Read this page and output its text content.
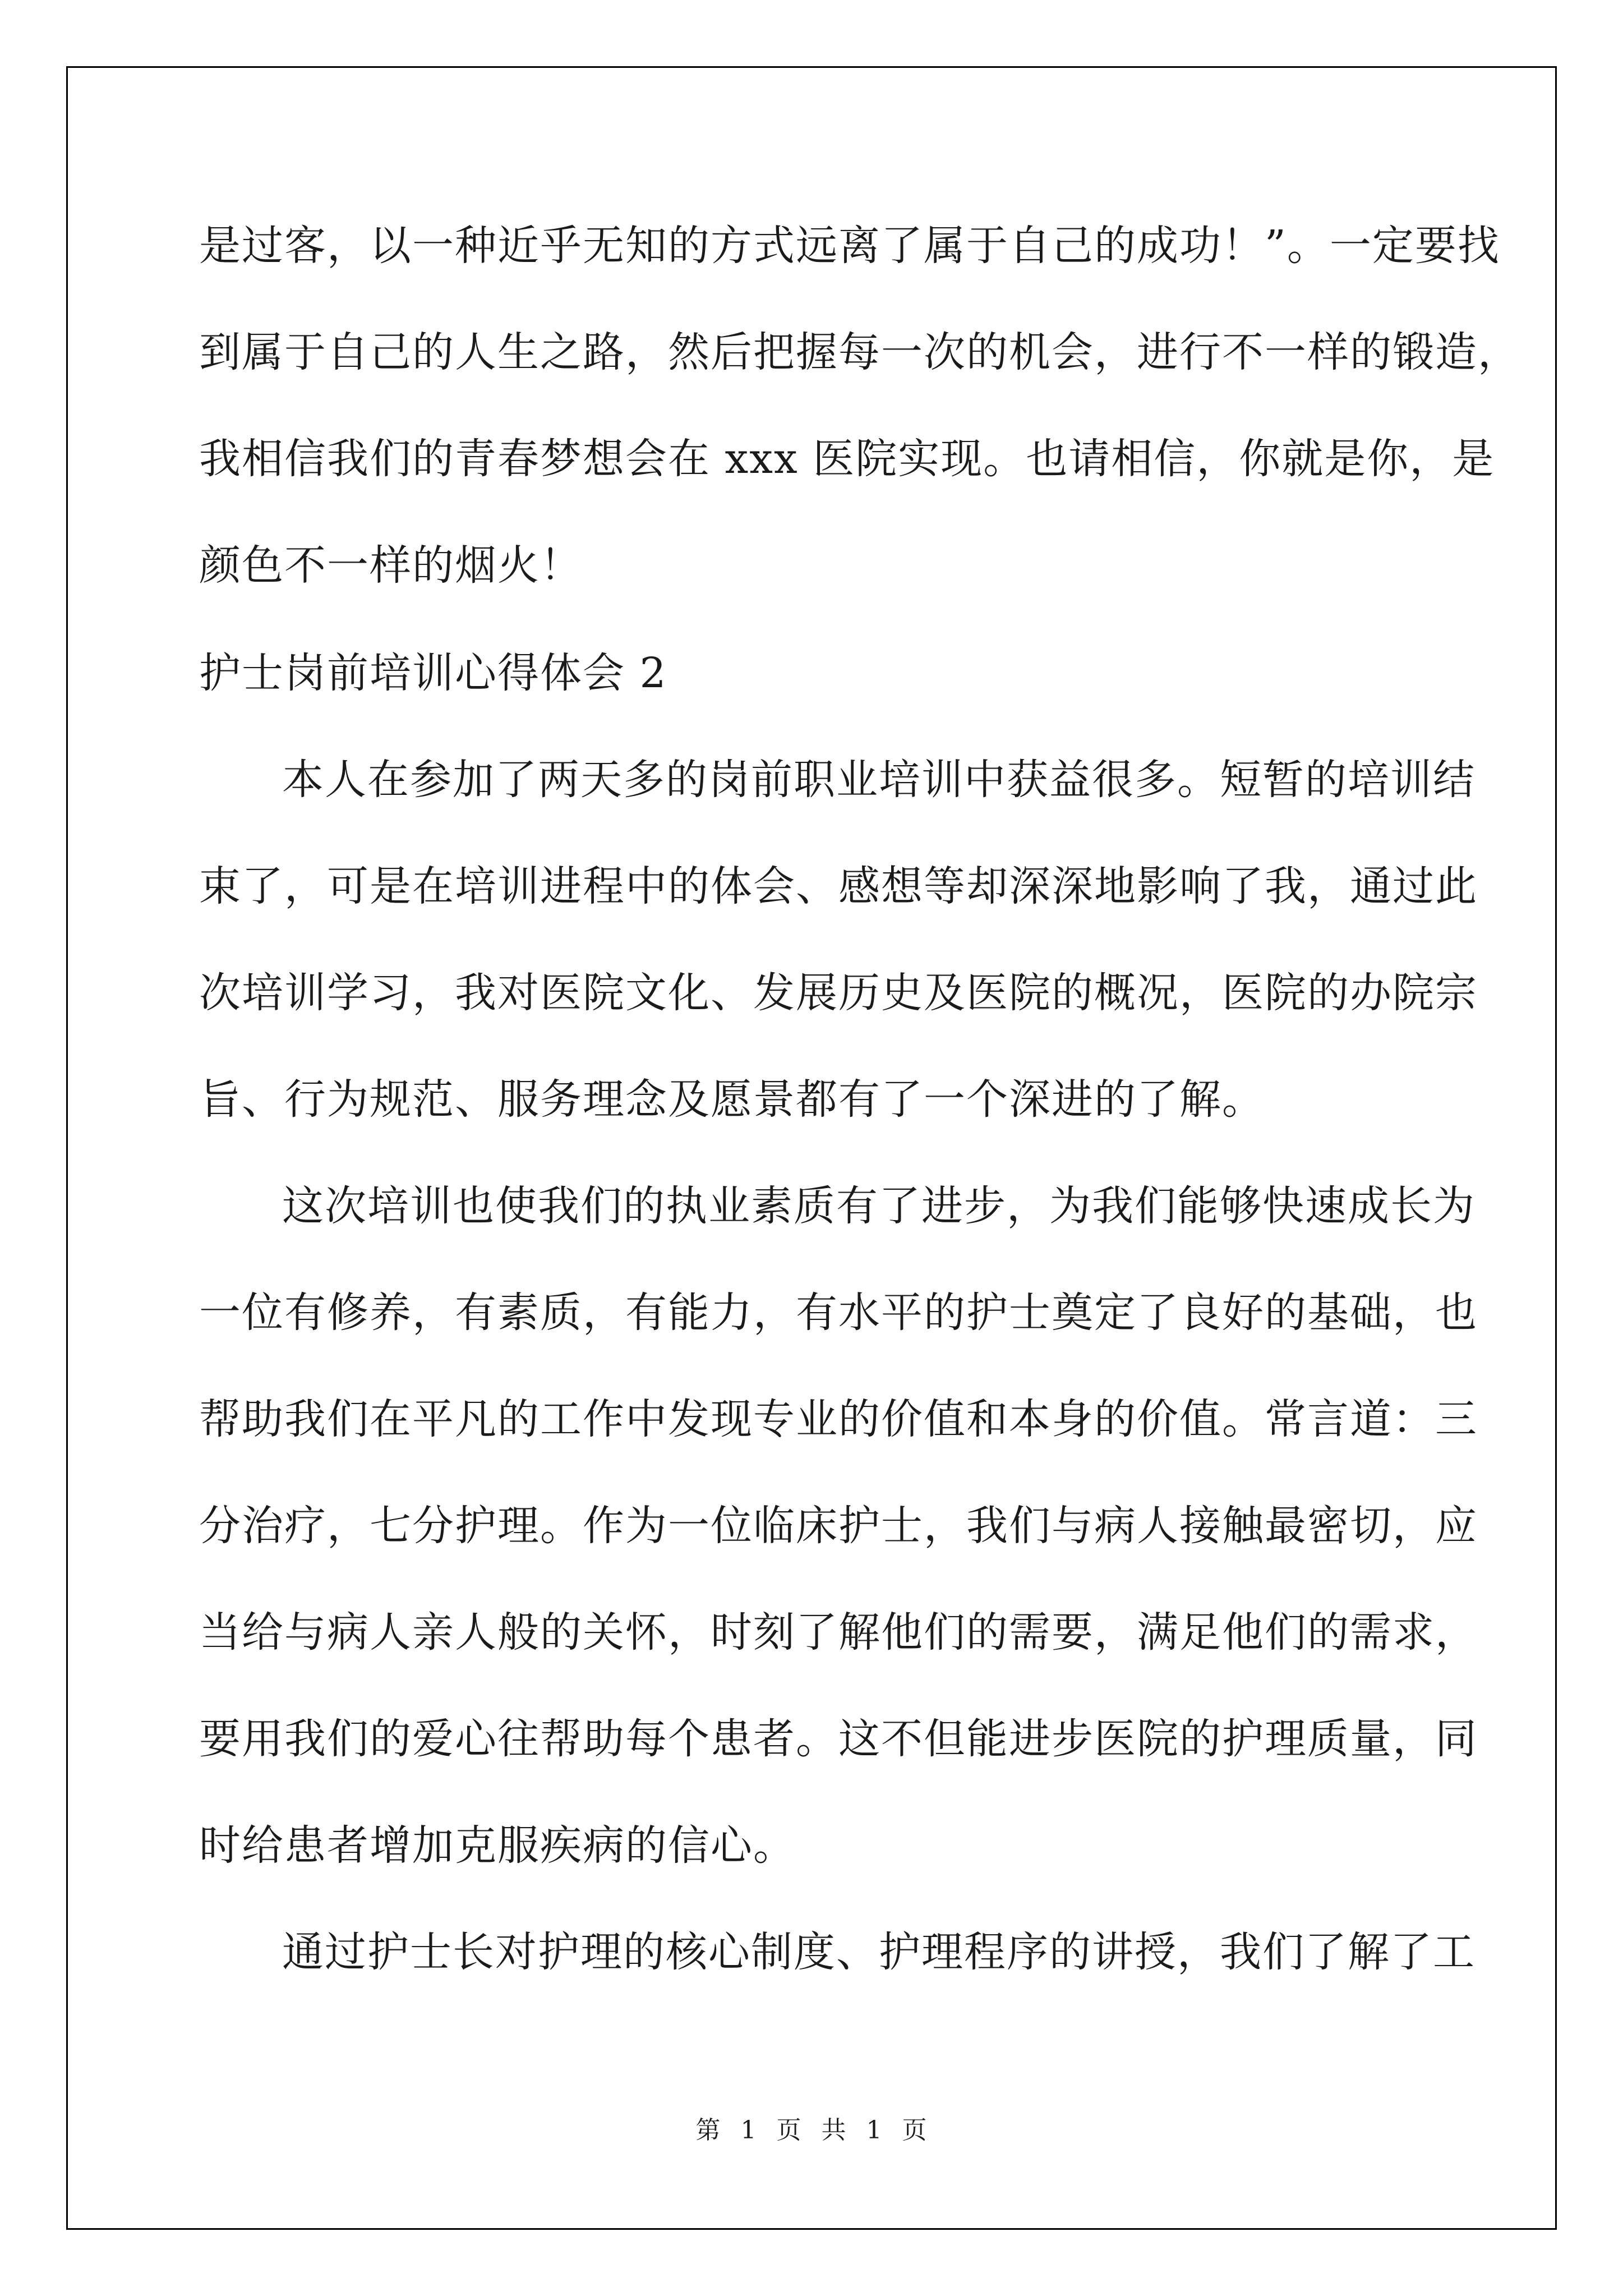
是过客，以一种近乎无知的方式远离了属于自己的成功！”。一定要找
到属于自己的人生之路，然后把握每一次的机会，进行不一样的锻造，
我相信我们的青春梦想会在 xxx 医院实现。也请相信，你就是你，是
颜色不一样的烟火！
护士岗前培训心得体会 2
本人在参加了两天多的岗前职业培训中获益很多。短暂的培训结
束了，可是在培训进程中的体会、感想等却深深地影响了我，通过此
次培训学习，我对医院文化、发展历史及医院的概况，医院的办院宗
旨、行为规范、服务理念及愿景都有了一个深进的了解。
这次培训也使我们的执业素质有了进步，为我们能够快速成长为
一位有修养，有素质，有能力，有水平的护士奠定了良好的基础，也
帮助我们在平凡的工作中发现专业的价值和本身的价值。常言道：三
分治疗，七分护理。作为一位临床护士，我们与病人接触最密切，应
当给与病人亲人般的关怀，时刻了解他们的需要，满足他们的需求，
要用我们的爱心往帮助每个患者。这不但能进步医院的护理质量，同
时给患者增加克服疾病的信心。
通过护士长对护理的核心制度、护理程序的讲授，我们了解了工
第 1 页 共 1 页
